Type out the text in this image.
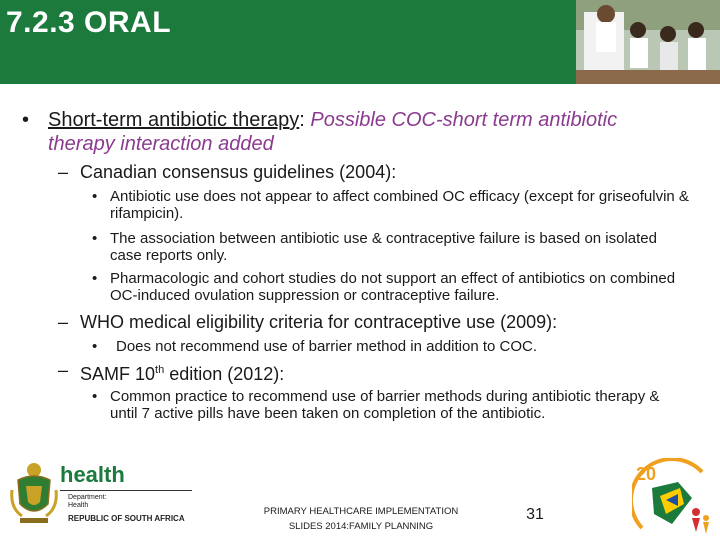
7.2.3 ORAL
• Short-term antibiotic therapy: Possible COC-short term antibiotic therapy interaction added
– Canadian consensus guidelines (2004):
• Antibiotic use does not appear to affect combined OC efficacy (except for griseofulvin & rifampicin).
• The association between antibiotic use & contraceptive failure is based on isolated case reports only.
• Pharmacologic and cohort studies do not support an effect of antibiotics on combined OC-induced ovulation suppression or contraceptive failure.
– WHO medical eligibility criteria for contraceptive use (2009):
• Does not recommend use of barrier method in addition to COC.
– SAMF 10th edition (2012):
• Common practice to recommend use of barrier methods during antibiotic therapy & until 7 active pills have been taken on completion of the antibiotic.
health
Department:
Health
REPUBLIC OF SOUTH AFRICA
PRIMARY HEALTHCARE IMPLEMENTATION
SLIDES 2014:FAMILY PLANNING
31
20
